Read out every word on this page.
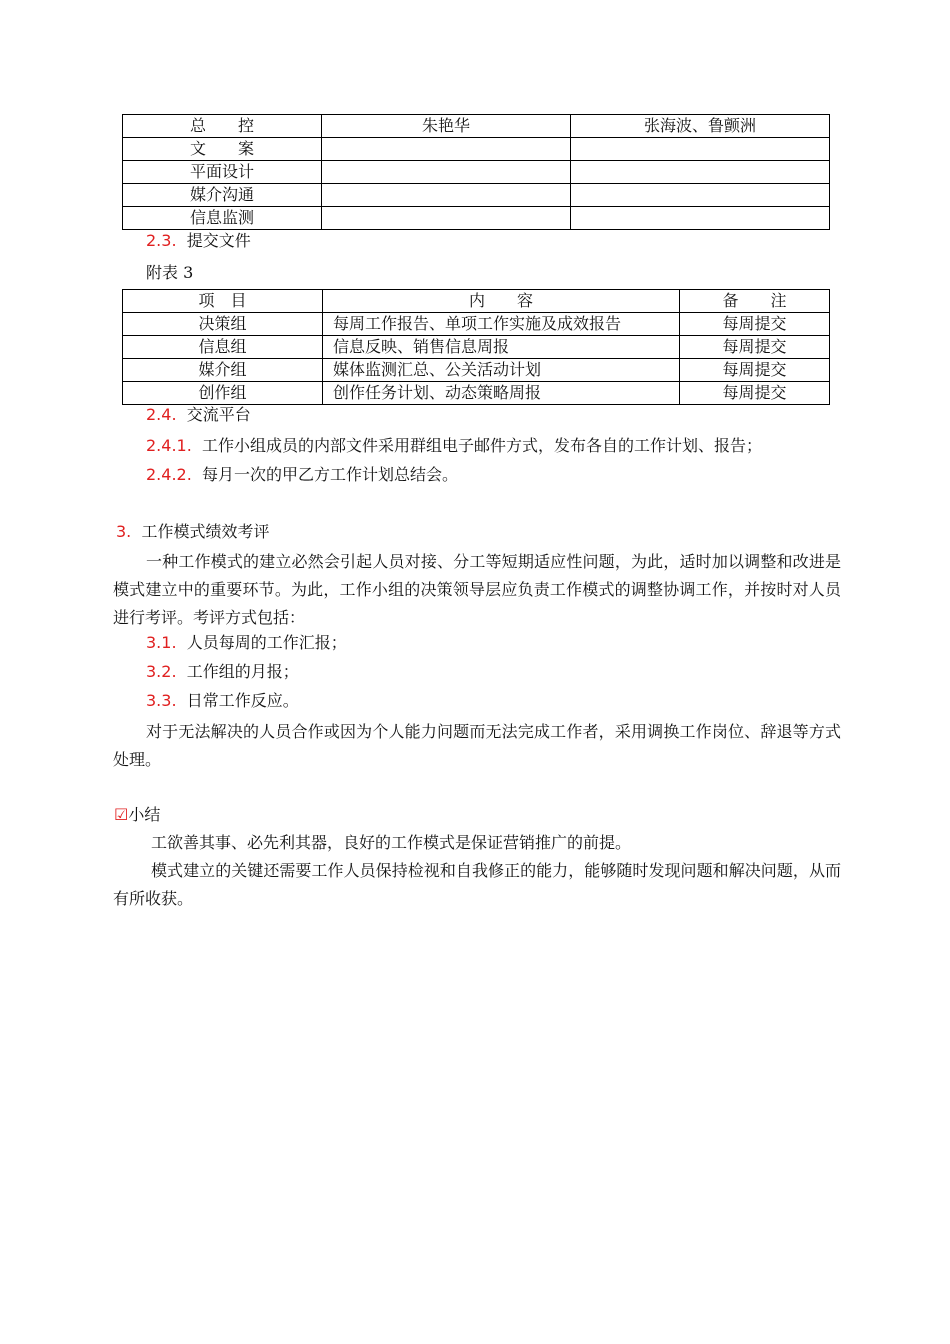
总　　控	朱艳华	张海波、鲁颤洲
文　　案		
平面设计		
媒介沟通		
信息监测		
2.3. 提交文件
附表 3
项　目	内　　容	备　　注
决策组	每周工作报告、单项工作实施及成效报告	每周提交
信息组	信息反映、销售信息周报	每周提交
媒介组	媒体监测汇总、公关活动计划	每周提交
创作组	创作任务计划、动态策略周报	每周提交
2.4. 交流平台
2.4.1. 工作小组成员的内部文件采用群组电子邮件方式，发布各自的工作计划、报告；
2.4.2. 每月一次的甲乙方工作计划总结会。
3. 工作模式绩效考评
一种工作模式的建立必然会引起人员对接、分工等短期适应性问题，为此，适时加以调整和改进是模式建立中的重要环节。为此，工作小组的决策领导层应负责工作模式的调整协调工作，并按时对人员进行考评。考评方式包括：
3.1. 人员每周的工作汇报；
3.2. 工作组的月报；
3.3. 日常工作反应。
对于无法解决的人员合作或因为个人能力问题而无法完成工作者，采用调换工作岗位、辞退等方式处理。
☑小结
工欲善其事、必先利其器，良好的工作模式是保证营销推广的前提。
模式建立的关键还需要工作人员保持检视和自我修正的能力，能够随时发现问题和解决问题，从而有所收获。
